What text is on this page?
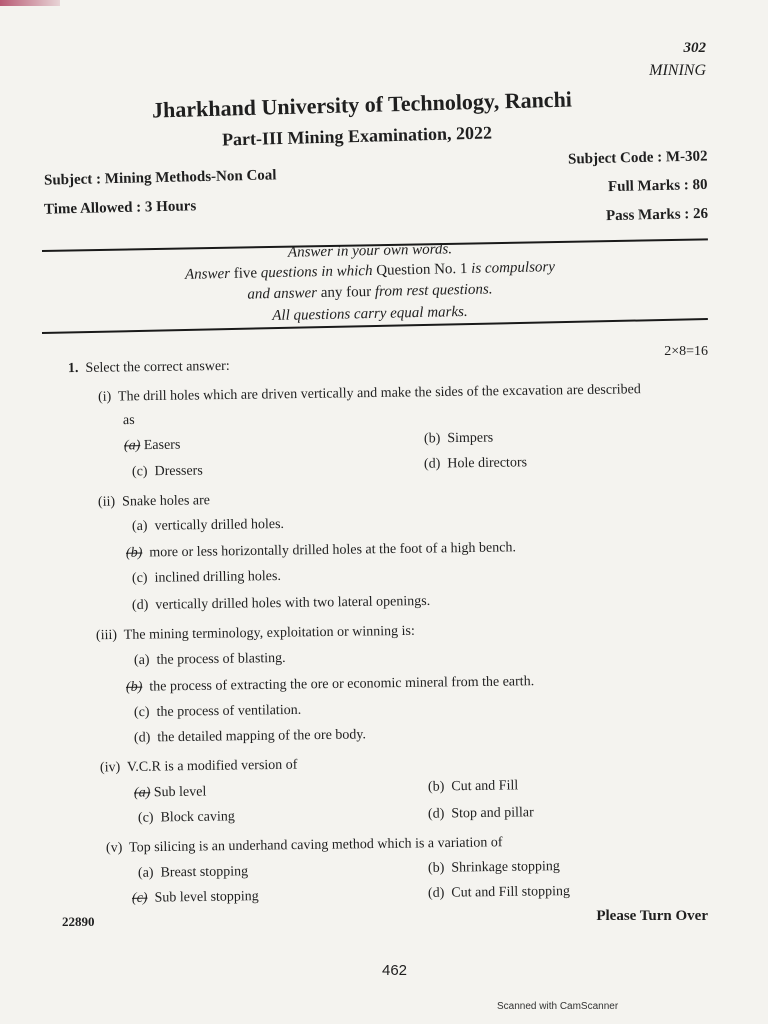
302
MINING
Jharkhand University of Technology, Ranchi
Part-III Mining Examination, 2022
Subject : Mining Methods-Non Coal
Time Allowed : 3 Hours
Subject Code : M-302
Full Marks : 80
Pass Marks : 26
Answer in your own words.
Answer five questions in which Question No. 1 is compulsory
and answer any four from rest questions.
All questions carry equal marks.
2×8=16
1. Select the correct answer:
(i) The drill holes which are driven vertically and make the sides of the excavation are described
as
(a) Easers	(b) Simpers
(c) Dressers	(d) Hole directors
(ii) Snake holes are
(a) vertically drilled holes.
(b) more or less horizontally drilled holes at the foot of a high bench.
(c) inclined drilling holes.
(d) vertically drilled holes with two lateral openings.
(iii) The mining terminology, exploitation or winning is:
(a) the process of blasting.
(b) the process of extracting the ore or economic mineral from the earth.
(c) the process of ventilation.
(d) the detailed mapping of the ore body.
(iv) V.C.R is a modified version of
(a) Sub level	(b) Cut and Fill
(c) Block caving	(d) Stop and pillar
(v) Top silicing is an underhand caving method which is a variation of
(a) Breast stopping	(b) Shrinkage stopping
(c) Sub level stopping	(d) Cut and Fill stopping
22890	Please Turn Over
462
Scanned with CamScanner
